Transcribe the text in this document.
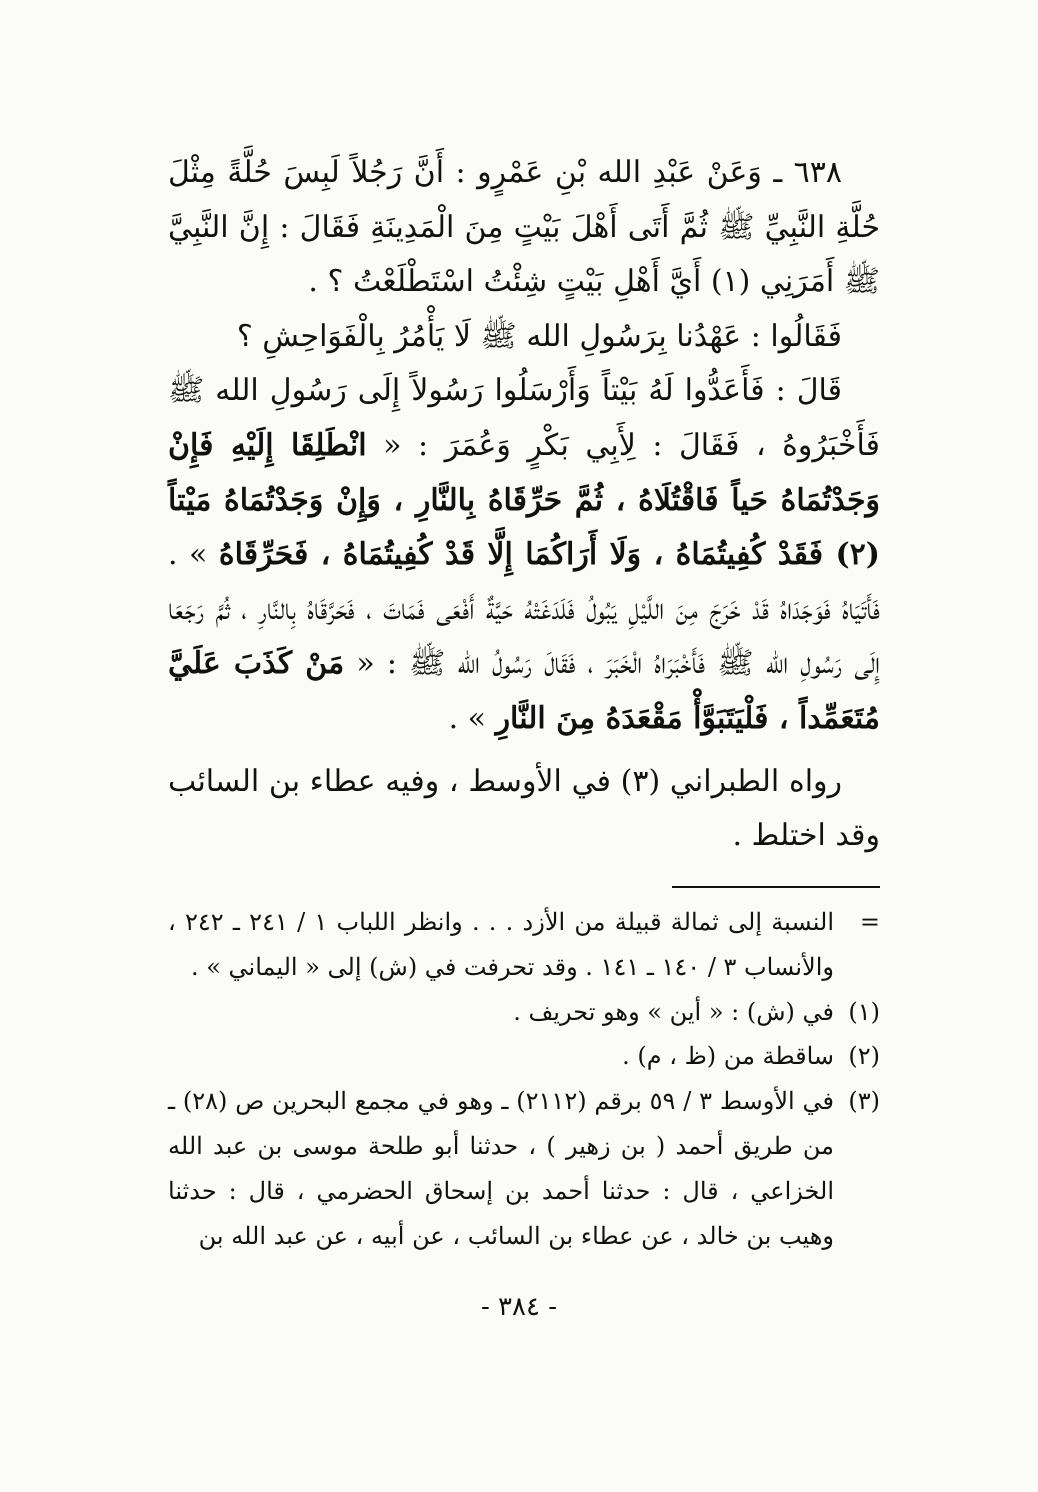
٦٣٨ ـ وَعَنْ عَبْدِ الله بْنِ عَمْرٍو : أَنَّ رَجُلاً لَبِسَ حُلَّةً مِثْلَ حُلَّةِ النَّبِيِّ ﷺ ثُمَّ أَتَى أَهْلَ بَيْتٍ مِنَ الْمَدِينَةِ فَقَالَ : إِنَّ النَّبِيَّ ﷺ أَمَرَنِي (١) أَيَّ أَهْلِ بَيْتٍ شِئْتُ اسْتَطْلَعْتُ ؟ .

فَقَالُوا : عَهْدُنا بِرَسُولِ الله ﷺ لَا يَأْمُرُ بِالْفَوَاحِشِ ؟

قَالَ : فَأَعَدُّوا لَهُ بَيْتاً وَأَرْسَلُوا رَسُولاً إِلَى رَسُولِ الله ﷺ فَأَخْبَرُوهُ ، فَقَالَ : لِأَبِي بَكْرٍ وَعُمَرَ : « انْطَلِقَا إِلَيْهِ فَإِنْ وَجَدْتُمَاهُ حَياً فَاقْتُلَاهُ ، ثُمَّ حَرِّقَاهُ بِالنَّارِ ، وَإِنْ وَجَدْتُمَاهُ مَيْتاً (٢) فَقَدْ كُفِيتُمَاهُ ، وَلَا أَرَاكُمَا إِلَّا قَدْ كُفِيتُمَاهُ ، فَحَرِّقَاهُ » . فَأَتَيَاهُ فَوَجَدَاهُ قَدْ خَرَجَ مِنَ اللَّيْلِ يَبُولُ فَلَدَغَتْهُ حَيَّةٌ أَفْعَى فَمَاتَ ، فَحَرَّقَاهُ بِالنَّارِ ، ثُمَّ رَجَعَا إِلَى رَسُولِ الله ﷺ فَأَخْبَرَاهُ الْخَبَرَ ، فَقَالَ رَسُولُ الله ﷺ : « مَنْ كَذَبَ عَلَيَّ مُتَعَمِّداً ، فَلْيَتَبَوَّأْ مَقْعَدَهُ مِنَ النَّارِ » .

رواه الطبراني (٣) في الأوسط ، وفيه عطاء بن السائب وقد اختلط .

=
النسبة إلى ثمالة قبيلة من الأزد . . . وانظر اللباب ١ / ٢٤١ ـ ٢٤٢ ، والأنساب ٣ / ١٤٠ ـ ١٤١ . وقد تحرفت في (ش) إلى « اليماني » .
(١)
في (ش) : « أين » وهو تحريف .
(٢)
ساقطة من (ظ ، م) .
(٣)
في الأوسط ٣ / ٥٩ برقم (٢١١٢) ـ وهو في مجمع البحرين ص (٢٨) ـ من طريق أحمد ( بن زهير ) ، حدثنا أبو طلحة موسى بن عبد الله الخزاعي ، قال : حدثنا أحمد بن إسحاق الحضرمي ، قال : حدثنا وهيب بن خالد ، عن عطاء بن السائب ، عن أبيه ، عن عبد الله بن
- ٣٨٤ -
